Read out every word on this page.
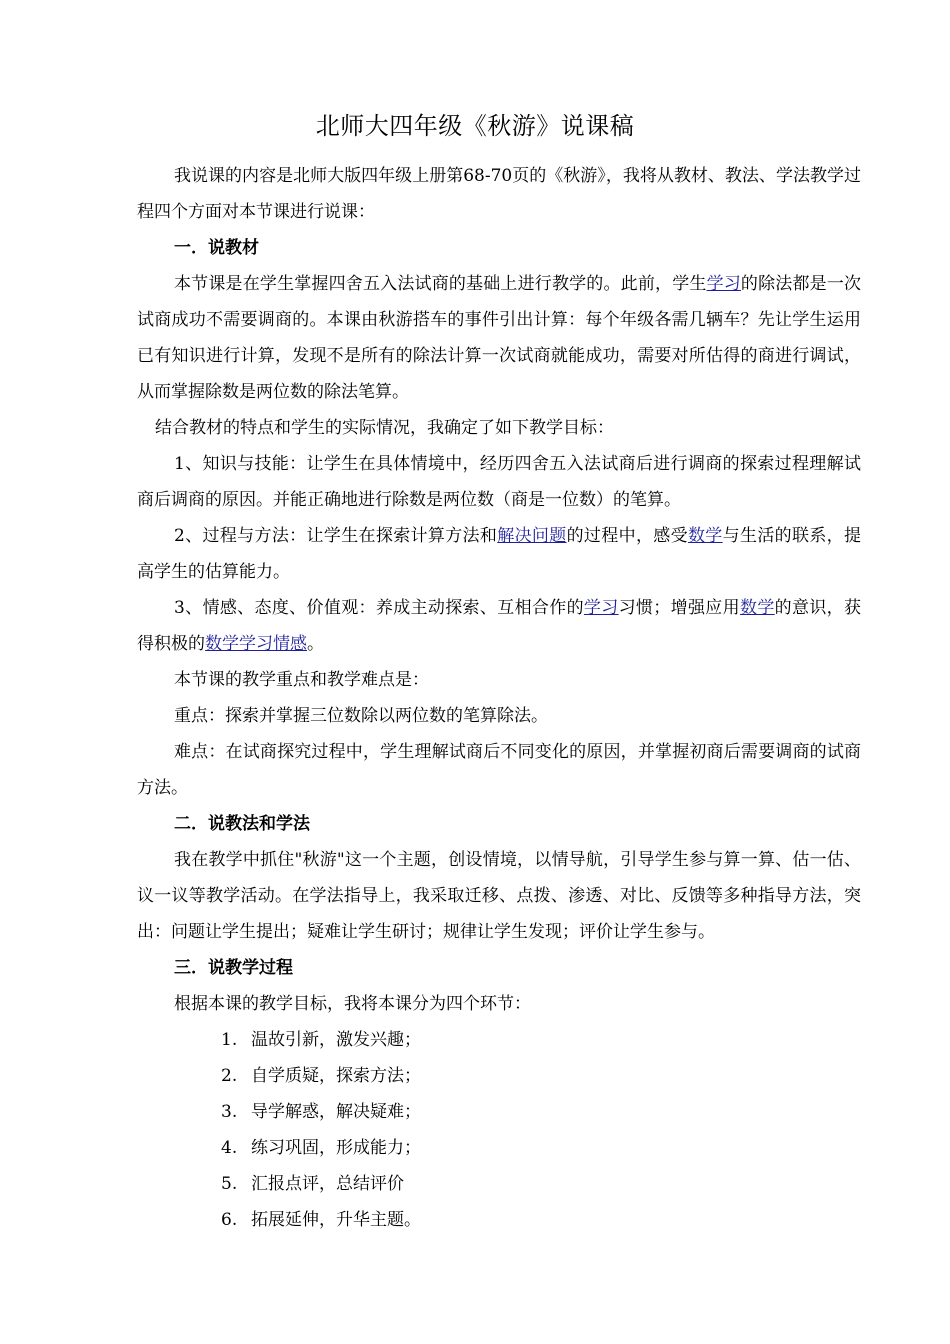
北师大四年级《秋游》说课稿

我说课的内容是北师大版四年级上册第68-70页的《秋游》，我将从教材、教法、学法教学过程四个方面对本节课进行说课：

一．说教材

本节课是在学生掌握四舍五入法试商的基础上进行教学的。此前，学生学习的除法都是一次试商成功不需要调商的。本课由秋游搭车的事件引出计算：每个年级各需几辆车？先让学生运用已有知识进行计算，发现不是所有的除法计算一次试商就能成功，需要对所估得的商进行调试，从而掌握除数是两位数的除法笔算。

结合教材的特点和学生的实际情况，我确定了如下教学目标：

1、知识与技能：让学生在具体情境中，经历四舍五入法试商后进行调商的探索过程理解试商后调商的原因。并能正确地进行除数是两位数（商是一位数）的笔算。

2、过程与方法：让学生在探索计算方法和解决问题的过程中，感受数学与生活的联系，提高学生的估算能力。

3、情感、态度、价值观：养成主动探索、互相合作的学习习惯；增强应用数学的意识，获得积极的数学学习情感。

本节课的教学重点和教学难点是：

重点：探索并掌握三位数除以两位数的笔算除法。

难点：在试商探究过程中，学生理解试商后不同变化的原因，并掌握初商后需要调商的试商方法。

二．说教法和学法

我在教学中抓住"秋游"这一个主题，创设情境，以情导航，引导学生参与算一算、估一估、议一议等教学活动。在学法指导上，我采取迁移、点拨、渗透、对比、反馈等多种指导方法，突出：问题让学生提出；疑难让学生研讨；规律让学生发现；评价让学生参与。

三．说教学过程

根据本课的教学目标，我将本课分为四个环节：

1. 温故引新，激发兴趣；
2. 自学质疑，探索方法；
3. 导学解惑，解决疑难；
4. 练习巩固，形成能力；
5. 汇报点评，总结评价
6. 拓展延伸，升华主题。
